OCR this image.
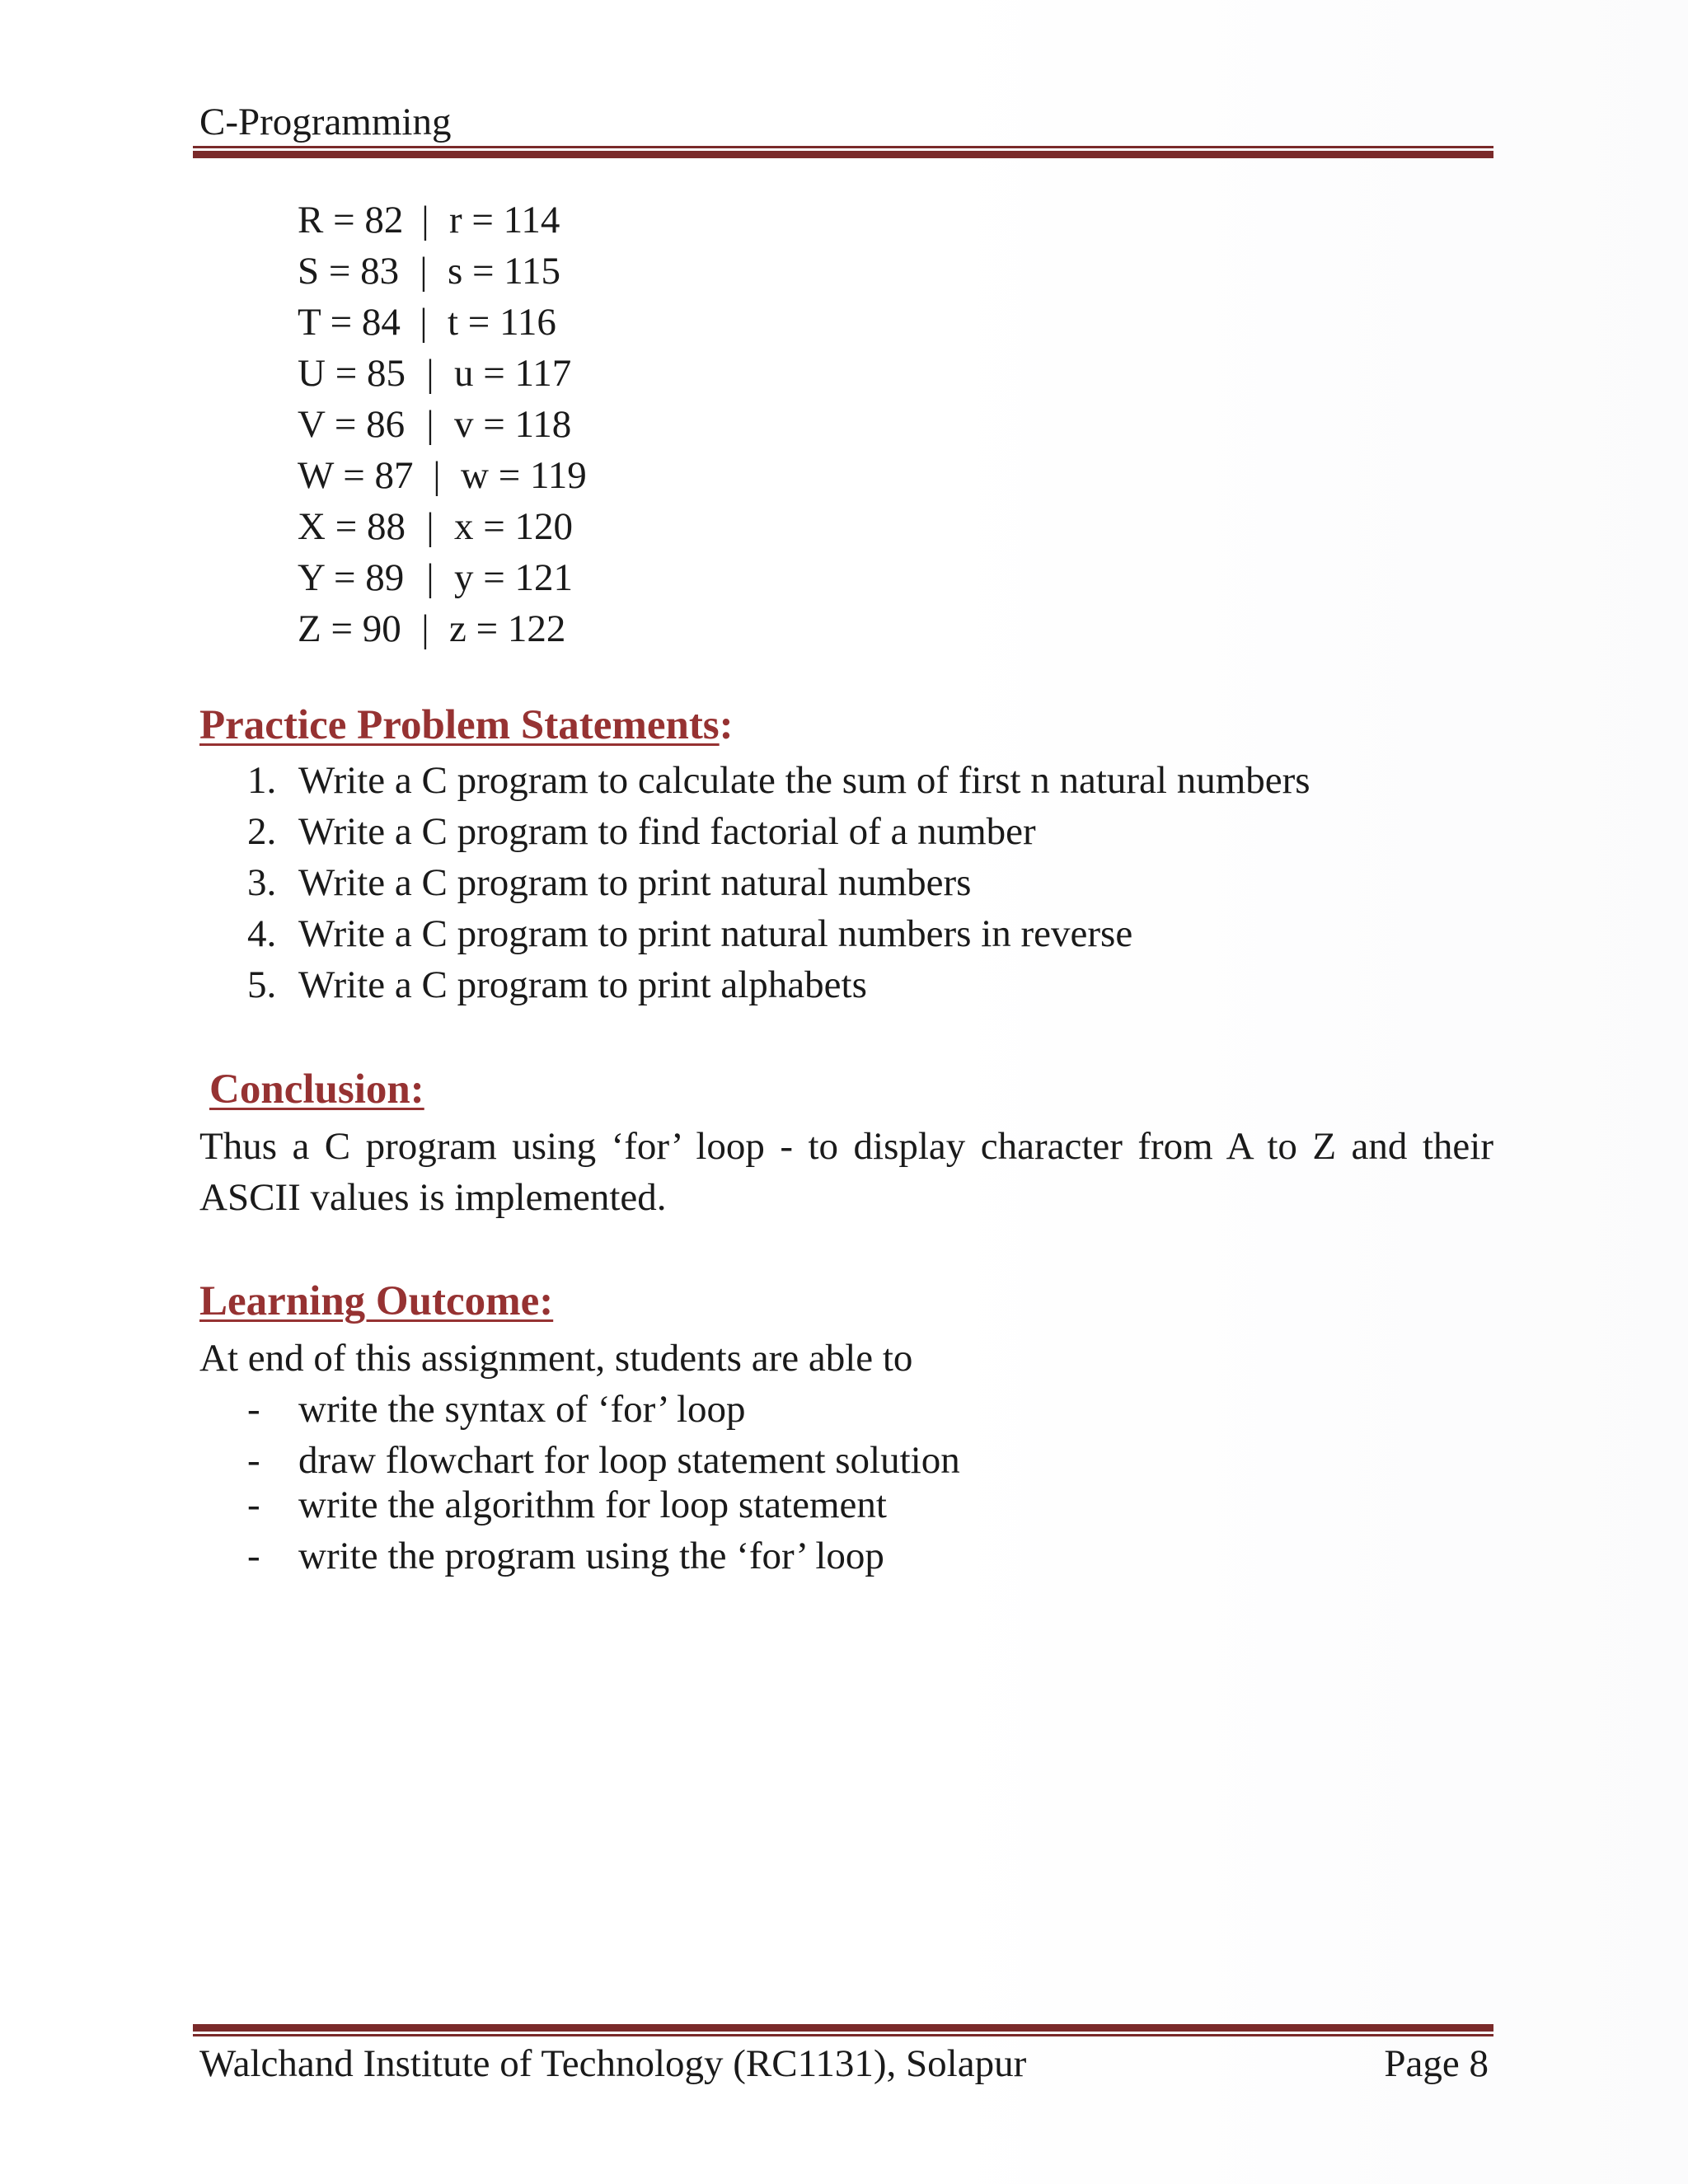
C-Programming
R = 82 | r = 114
S = 83 | s = 115
T = 84 | t = 116
U = 85 | u = 117
V = 86 | v = 118
W = 87 | w = 119
X = 88 | x = 120
Y = 89 | y = 121
Z = 90 | z = 122
Practice Problem Statements:
1. Write a C program to calculate the sum of first n natural numbers
2. Write a C program to find factorial of a number
3. Write a C program to print natural numbers
4. Write a C program to print natural numbers in reverse
5. Write a C program to print alphabets
Conclusion:
Thus a C program using ‘for’ loop - to display character from A to Z and their ASCII values is implemented.
Learning Outcome:
At end of this assignment, students are able to
- write the syntax of ‘for’ loop
- draw flowchart for loop statement solution
- write the algorithm for loop statement
- write the program using the ‘for’ loop
Walchand Institute of Technology (RC1131), Solapur	Page 8
